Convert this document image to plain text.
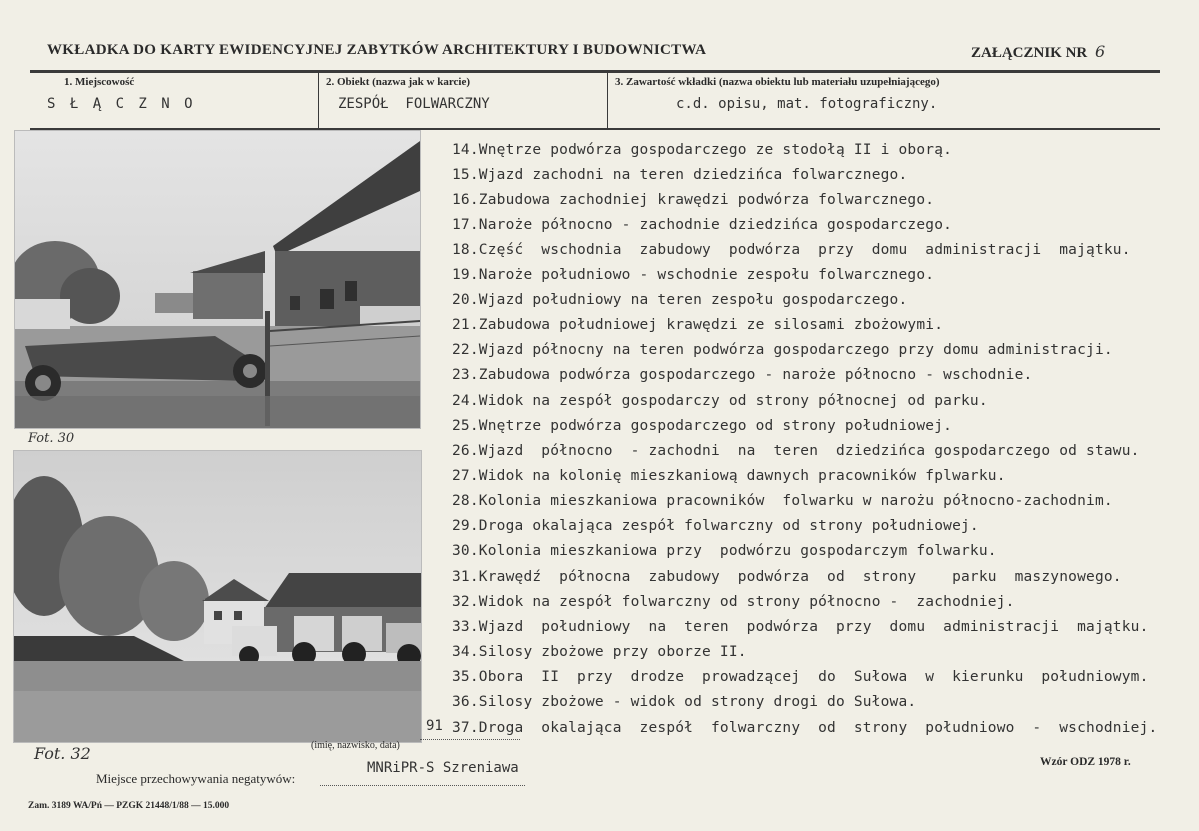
WKŁADKA DO KARTY EWIDENCYJNEJ ZABYTKÓW ARCHITEKTURY I BUDOWNICTWA	ZAŁĄCZNIK NR 6
1. Miejscowość
S Ł Ą C Z N O
2. Obiekt (nazwa jak w karcie)
ZESPÓŁ  FOLWARCZNY
3. Zawartość wkładki (nazwa obiektu lub materiału uzupełniającego)
c.d. opisu, mat. fotograficzny.
Fot. 30
Fot. 32
14.Wnętrze podwórza gospodarczego ze stodołą II i oborą.
15.Wjazd zachodni na teren dziedzińca folwarcznego.
16.Zabudowa zachodniej krawędzi podwórza folwarcznego.
17.Naroże północno - zachodnie dziedzińca gospodarczego.
18.Część  wschodnia  zabudowy  podwórza  przy  domu  administracji  majątku.
19.Naroże południowo - wschodnie zespołu folwarcznego.
20.Wjazd południowy na teren zespołu gospodarczego.
21.Zabudowa południowej krawędzi ze silosami zbożowymi.
22.Wjazd północny na teren podwórza gospodarczego przy domu administracji.
23.Zabudowa podwórza gospodarczego - naroże północno - wschodnie.
24.Widok na zespół gospodarczy od strony północnej od parku.
25.Wnętrze podwórza gospodarczego od strony południowej.
26.Wjazd  północno  - zachodni  na  teren  dziedzińca gospodarczego od stawu.
27.Widok na kolonię mieszkaniową dawnych pracowników fplwarku.
28.Kolonia mieszkaniowa pracowników  folwarku w narożu północno-zachodnim.
29.Droga okalająca zespół folwarczny od strony południowej.
30.Kolonia mieszkaniowa przy  podwórzu gospodarczym folwarku.
31.Krawędź  północna  zabudowy  podwórza  od  strony    parku  maszynowego.
32.Widok na zespół folwarczny od strony północno -  zachodniej.
33.Wjazd  południowy  na  teren  podwórza  przy  domu  administracji  majątku.
34.Silosy zbożowe przy oborze II.
35.Obora  II  przy  drodze  prowadzącej  do  Sułowa  w  kierunku  południowym.
36.Silosy zbożowe - widok od strony drogi do Sułowa.
37.Droga  okalająca  zespół  folwarczny  od  strony  południowo  -  wschodniej.
91
(imię, nazwisko, data)
Miejsce przechowywania negatywów:
MNRiPR-S Szreniawa	Wzór ODZ 1978 r.
Zam. 3189 WA/Pń — PZGK 21448/1/88 — 15.000
